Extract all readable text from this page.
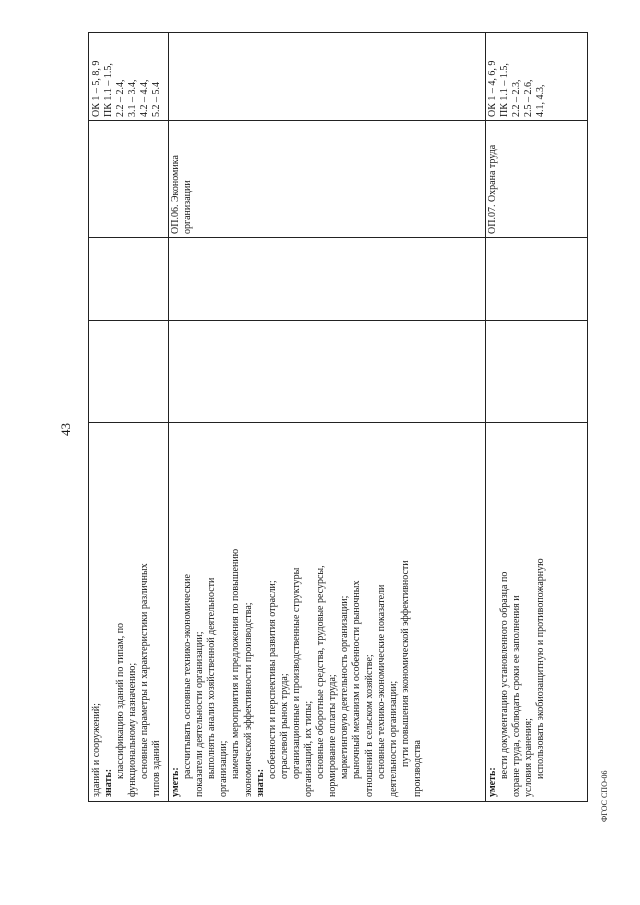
43
ФГОС СПО-06

зданий и сооружений; знать:

классификацию зданий по типам, по функциональному назначению; основные параметры и характеристики различных типов зданий

ОК 1 – 5, 8, 9 ПК 1.1 – 1.5, 2.2 – 2.4, 3.1 – 3.4, 4.2 – 4.4, 5.2 – 5.4

уметь:

рассчитывать основные технико-экономические показатели деятельности организации; выполнять анализ хозяйственной деятельности организации; намечать мероприятия и предложения по повышению экономической эффективности производства; знать:

особенности и перспективы развития отрасли; отраслевой рынок труда; организационные и производственные структуры организаций, их типы; основные оборотные средства, трудовые ресурсы, нормирование оплаты труда; маркетинговую деятельность организации; рыночный механизм и особенности рыночных отношений в сельском хозяйстве; основные технико-экономические показатели деятельности организации; пути повышения экономической эффективности

производства

ОП.06. Экономика организации

уметь:

вести документацию установленного образца по охране труда, соблюдать сроки ее заполнения и условия хранения; использовать экобиозащитную и противопожарную

ОП.07. Охрана труда

ОК 1 – 4, 6, 9 ПК 1.1 – 1.5, 2.2 – 2.3, 2.5 – 2.6, 4.1, 4.3,
